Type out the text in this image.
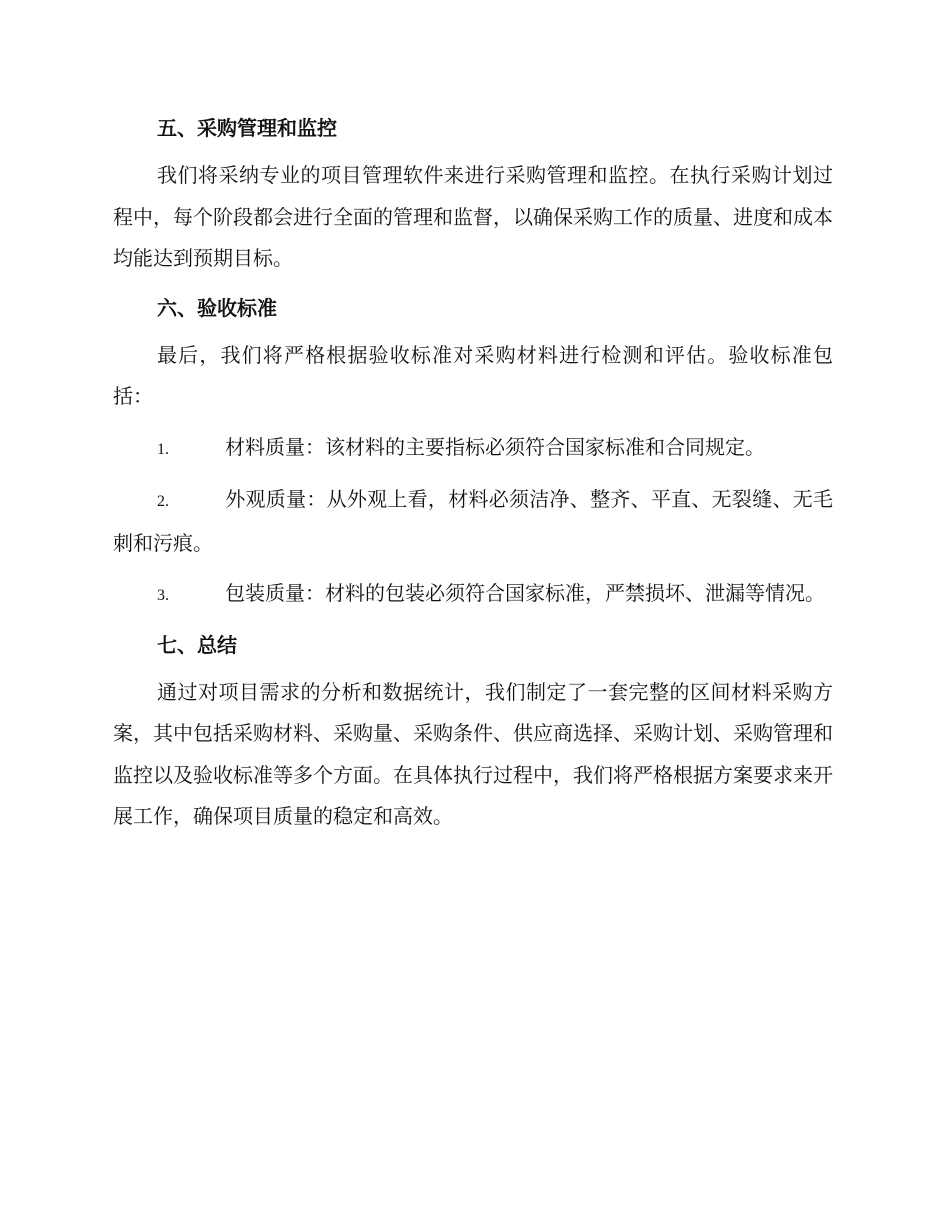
五、采购管理和监控
我们将采纳专业的项目管理软件来进行采购管理和监控。在执行采购计划过程中，每个阶段都会进行全面的管理和监督，以确保采购工作的质量、进度和成本均能达到预期目标。
六、验收标准
最后，我们将严格根据验收标准对采购材料进行检测和评估。验收标准包括：
1.	材料质量：该材料的主要指标必须符合国家标准和合同规定。
2.	外观质量：从外观上看，材料必须洁净、整齐、平直、无裂缝、无毛刺和污痕。
3.	包装质量：材料的包装必须符合国家标准，严禁损坏、泄漏等情况。
七、总结
通过对项目需求的分析和数据统计，我们制定了一套完整的区间材料采购方案，其中包括采购材料、采购量、采购条件、供应商选择、采购计划、采购管理和监控以及验收标准等多个方面。在具体执行过程中，我们将严格根据方案要求来开展工作，确保项目质量的稳定和高效。
